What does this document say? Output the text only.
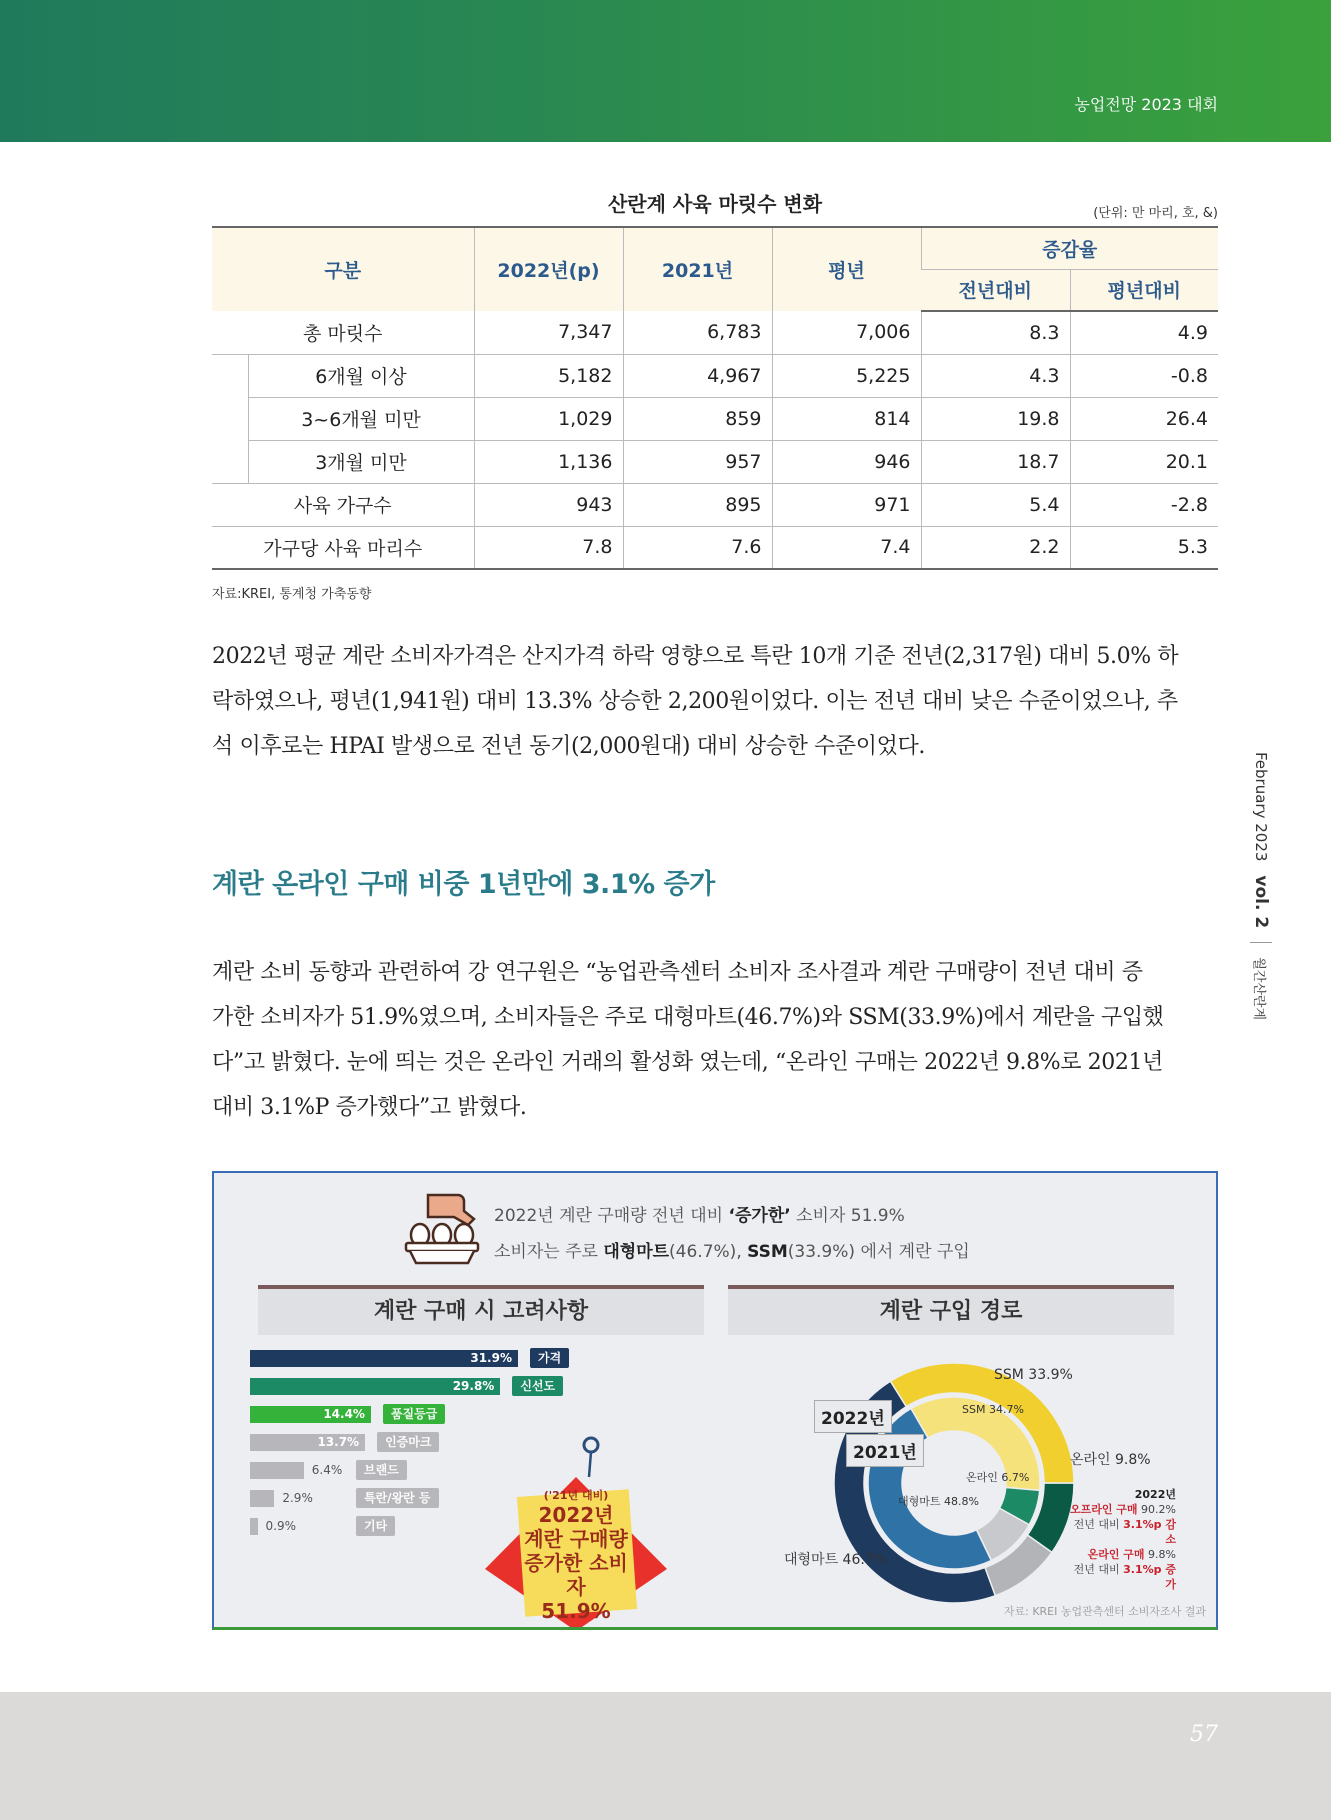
농업전망 2023 대회
February 2023
vol. 2
월간산란계
산란계 사육 마릿수 변화	(단위: 만 마리, 호, &)
구분		2022년(p)	2021년	평년	증감율	
					전년대비	평년대비
총 마릿수		7,347	6,783	7,006	8.3	4.9
	6개월 이상	5,182	4,967	5,225	4.3	-0.8
	3~6개월 미만	1,029	859	814	19.8	26.4
	3개월 미만	1,136	957	946	18.7	20.1
사육 가구수		943	895	971	5.4	-2.8
가구당 사육 마리수		7.8	7.6	7.4	2.2	5.3
자료:KREI, 통계청 가축동향
2022년 평균 계란 소비자가격은 산지가격 하락 영향으로 특란 10개 기준 전년(2,317원) 대비 5.0% 하
락하였으나, 평년(1,941원) 대비 13.3% 상승한 2,200원이었다. 이는 전년 대비 낮은 수준이었으나, 추
석 이후로는 HPAI 발생으로 전년 동기(2,000원대) 대비 상승한 수준이었다.
계란 온라인 구매 비중 1년만에 3.1% 증가
계란 소비 동향과 관련하여 강 연구원은 “농업관측센터 소비자 조사결과 계란 구매량이 전년 대비 증
가한 소비자가 51.9%였으며, 소비자들은 주로 대형마트(46.7%)와 SSM(33.9%)에서 계란을 구입했
다”고 밝혔다. 눈에 띄는 것은 온라인 거래의 활성화 였는데, “온라인 구매는 2022년 9.8%로 2021년
대비 3.1%P 증가했다”고 밝혔다.
2022년 계란 구매량 전년 대비 ‘증가한’ 소비자 51.9%
소비자는 주로 대형마트(46.7%), SSM(33.9%) 에서 계란 구입
계란 구매 시 고려사항	계란 구입 경로
31.9%	가격
29.8%	신선도
14.4%	품질등급
13.7%	인증마크
6.4%	브랜드
2.9%	특란/왕란 등
0.9%	기타
('21년 대비)
2022년
계란 구매량
증가한 소비자
51.9%
2022년
2021년
SSM 33.9%
SSM 34.7%
온라인 9.8%
온라인 6.7%
대형마트 48.8%
대형마트 46.7%
2022년
오프라인 구매 90.2%
전년 대비 3.1%p 감소
온라인 구매 9.8%
전년 대비 3.1%p 증가
자료: KREI 농업관측센터 소비자조사 결과
57
